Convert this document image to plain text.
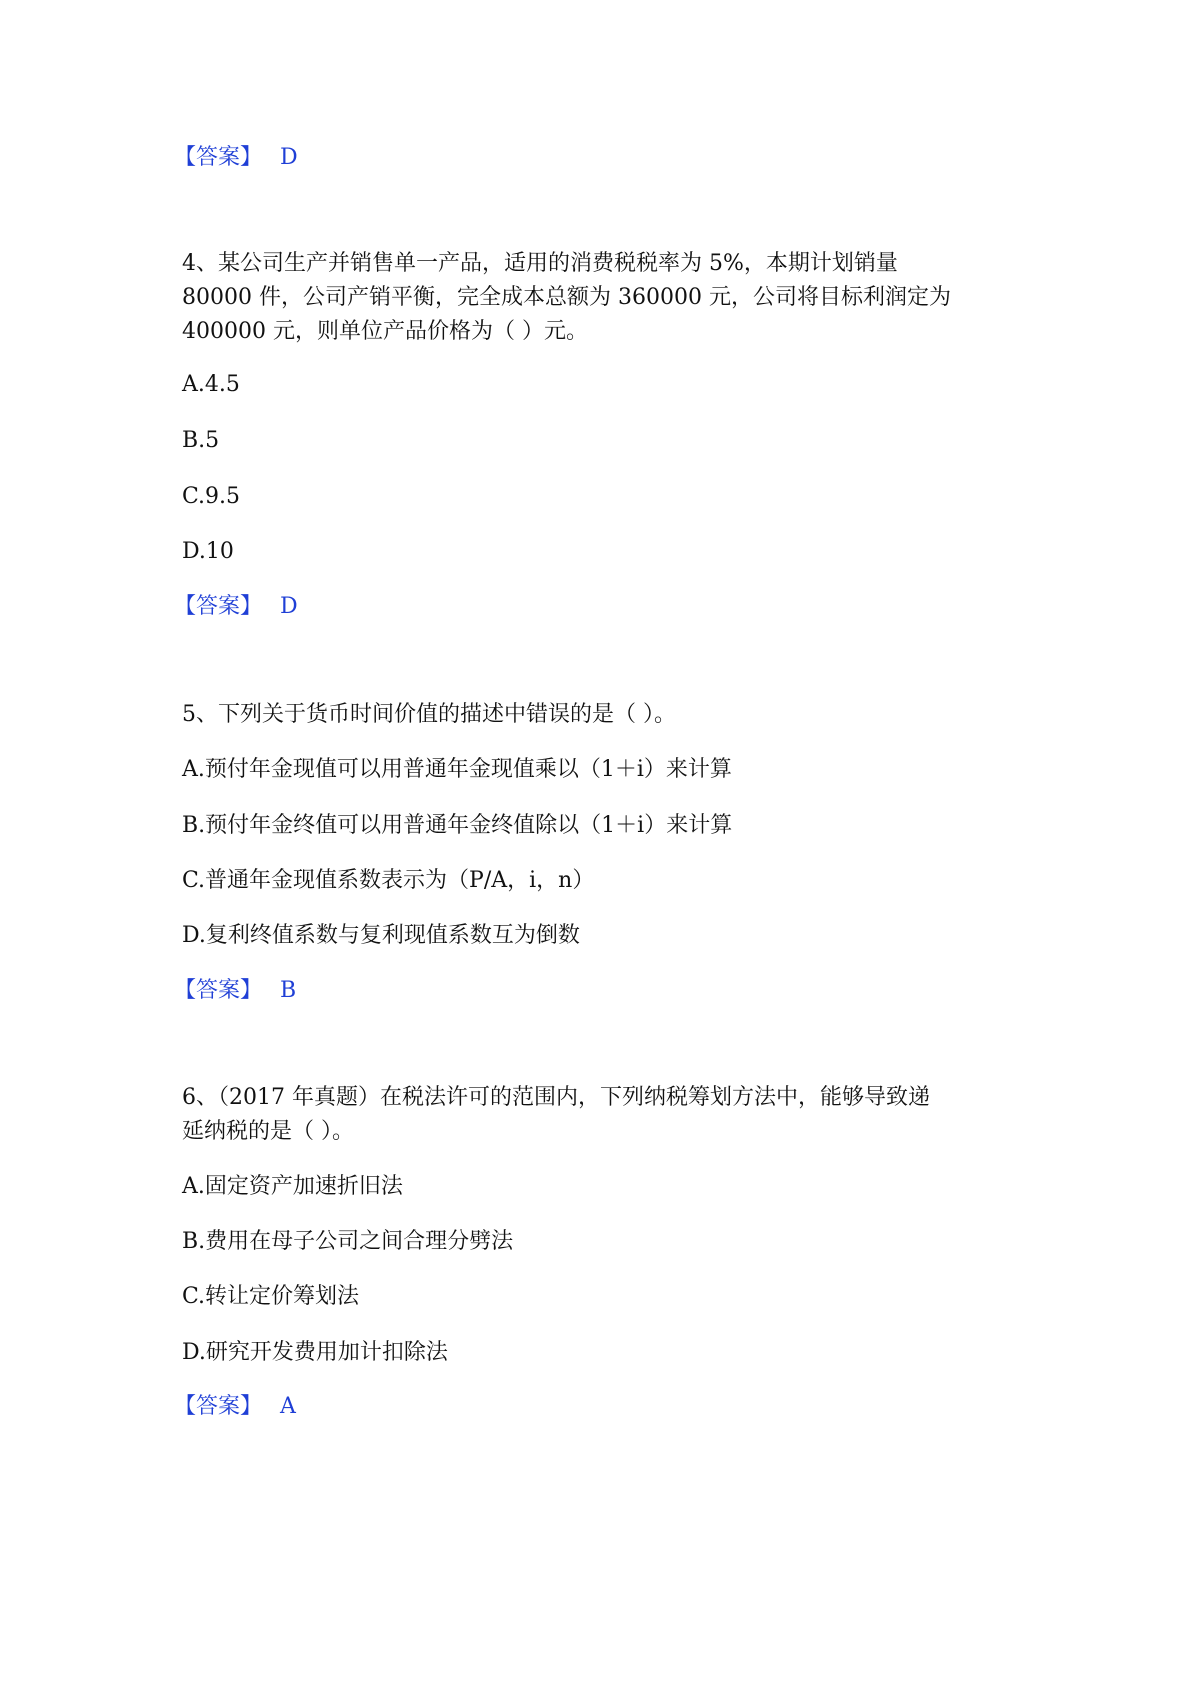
【答案】 D
4、某公司生产并销售单一产品，适用的消费税税率为 5%，本期计划销量
80000 件，公司产销平衡，完全成本总额为 360000 元，公司将目标利润定为
400000 元，则单位产品价格为（ ）元。
A.4.5
B.5
C.9.5
D.10
【答案】 D
5、下列关于货币时间价值的描述中错误的是（ ）。
A.预付年金现值可以用普通年金现值乘以（1＋i）来计算
B.预付年金终值可以用普通年金终值除以（1＋i）来计算
C.普通年金现值系数表示为（P/A，i，n）
D.复利终值系数与复利现值系数互为倒数
【答案】 B
6、（2017 年真题）在税法许可的范围内，下列纳税筹划方法中，能够导致递
延纳税的是（ ）。
A.固定资产加速折旧法
B.费用在母子公司之间合理分劈法
C.转让定价筹划法
D.研究开发费用加计扣除法
【答案】 A
